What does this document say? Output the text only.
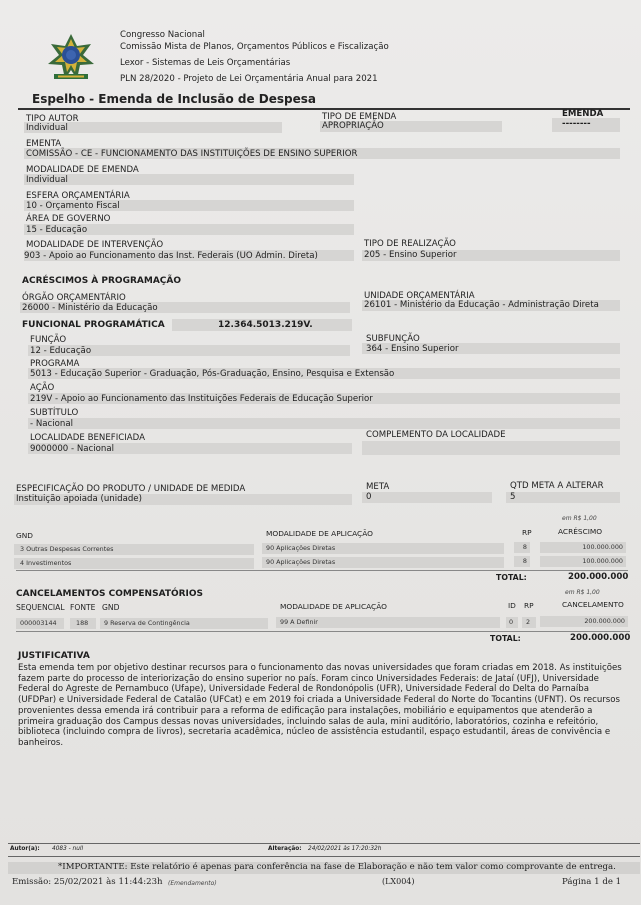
Congresso Nacional
Comissão Mista de Planos, Orçamentos Públicos e Fiscalização
Lexor - Sistemas de Leis Orçamentárias
PLN 28/2020 - Projeto de Lei Orçamentária Anual para 2021
Espelho - Emenda de Inclusão de Despesa
TIPO AUTOR
Individual
TIPO DE EMENDA
APROPRIAÇÃO
EMENDA
--------
EMENTA
COMISSÃO - CE - FUNCIONAMENTO DAS INSTITUIÇÕES DE ENSINO SUPERIOR
MODALIDADE DE EMENDA
Individual
ESFERA ORÇAMENTÁRIA
10 - Orçamento Fiscal
ÁREA DE GOVERNO
15 - Educação
MODALIDADE DE INTERVENÇÃO
903 - Apoio ao Funcionamento das Inst. Federais (UO Admin. Direta)
TIPO DE REALIZAÇÃO
205 - Ensino Superior
ACRÉSCIMOS À PROGRAMAÇÃO
ÓRGÃO ORÇAMENTÁRIO
26000 - Ministério da Educação
UNIDADE ORÇAMENTÁRIA
26101 - Ministério da Educação - Administração Direta
FUNCIONAL PROGRAMÁTICA	12.364.5013.219V.
FUNÇÃO
12 - Educação
SUBFUNÇÃO
364 - Ensino Superior
PROGRAMA
5013 - Educação Superior - Graduação, Pós-Graduação, Ensino, Pesquisa e Extensão
AÇÃO
219V - Apoio ao Funcionamento das Instituições Federais de Educação Superior
SUBTÍTULO
- Nacional
LOCALIDADE BENEFICIADA
9000000 - Nacional
COMPLEMENTO DA LOCALIDADE
ESPECIFICAÇÃO DO PRODUTO / UNIDADE DE MEDIDA
Instituição apoiada (unidade)
META
0
QTD META A ALTERAR
5
em R$ 1,00
GND	MODALIDADE DE APLICAÇÃO	RP	ACRÉSCIMO
3 Outras Despesas Correntes	90 Aplicações Diretas	8	100.000.000
4 Investimentos	90 Aplicações Diretas	8	100.000.000
TOTAL:	200.000.000
CANCELAMENTOS COMPENSATÓRIOS	em R$ 1,00
SEQUENCIAL FONTE GND	MODALIDADE DE APLICAÇÃO	ID RP	CANCELAMENTO
000003144	188	9 Reserva de Contingência	99 A Definir	0	2	200.000.000
TOTAL:	200.000.000
JUSTIFICATIVA
Esta emenda tem por objetivo destinar recursos para o funcionamento das novas universidades que foram criadas em 2018. As instituições fazem parte do processo de interiorização do ensino superior no país. Foram cinco Universidades Federais: de Jataí (UFJ), Universidade Federal do Agreste de Pernambuco (Ufape), Universidade Federal de Rondonópolis (UFR), Universidade Federal do Delta do Parnaíba (UFDPar) e Universidade Federal de Catalão (UFCat) e em 2019 foi criada a Universidade Federal do Norte do Tocantins (UFNT). Os recursos provenientes dessa emenda irá contribuir para a reforma de edificação para instalações, mobiliário e equipamentos que atenderão a primeira graduação dos Campus dessas novas universidades, incluindo salas de aula, mini auditório, laboratórios, cozinha e refeitório, biblioteca (incluindo compra de livros), secretaria acadêmica, núcleo de assistência estudantil, espaço estudantil, áreas de convivência e banheiros.
Autor(a): 4083 - null	Alteração: 24/02/2021 às 17:20:32h
*IMPORTANTE: Este relatório é apenas para conferência na fase de Elaboração e não tem valor como comprovante de entrega.
Emissão: 25/02/2021 às 11:44:23h (Emendamento)	(LX004)	Página 1 de 1
